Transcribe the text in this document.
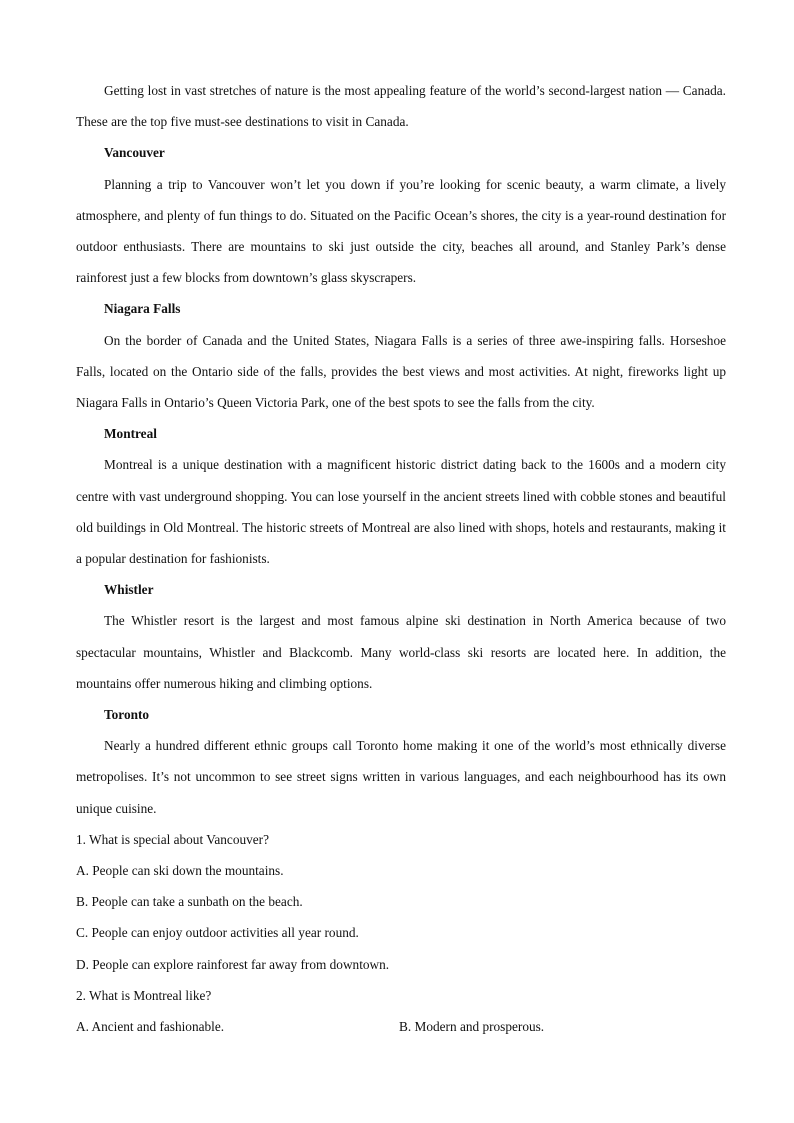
Getting lost in vast stretches of nature is the most appealing feature of the world’s second-largest nation — Canada. These are the top five must-see destinations to visit in Canada.

Vancouver

Planning a trip to Vancouver won’t let you down if you’re looking for scenic beauty, a warm climate, a lively atmosphere, and plenty of fun things to do. Situated on the Pacific Ocean’s shores, the city is a year-round destination for outdoor enthusiasts. There are mountains to ski just outside the city, beaches all around, and Stanley Park’s dense rainforest just a few blocks from downtown’s glass skyscrapers.

Niagara Falls

On the border of Canada and the United States, Niagara Falls is a series of three awe-inspiring falls. Horseshoe Falls, located on the Ontario side of the falls, provides the best views and most activities. At night, fireworks light up Niagara Falls in Ontario’s Queen Victoria Park, one of the best spots to see the falls from the city.

Montreal

Montreal is a unique destination with a magnificent historic district dating back to the 1600s and a modern city centre with vast underground shopping. You can lose yourself in the ancient streets lined with cobble stones and beautiful old buildings in Old Montreal. The historic streets of Montreal are also lined with shops, hotels and restaurants, making it a popular destination for fashionists.

Whistler

The Whistler resort is the largest and most famous alpine ski destination in North America because of two spectacular mountains, Whistler and Blackcomb. Many world-class ski resorts are located here. In addition, the mountains offer numerous hiking and climbing options.

Toronto

Nearly a hundred different ethnic groups call Toronto home making it one of the world’s most ethnically diverse metropolises. It’s not uncommon to see street signs written in various languages, and each neighbourhood has its own unique cuisine.

1. What is special about Vancouver?

A. People can ski down the mountains.

B. People can take a sunbath on the beach.

C. People can enjoy outdoor activities all year round.

D. People can explore rainforest far away from downtown.

2. What is Montreal like?

A. Ancient and fashionable.	B. Modern and prosperous.
